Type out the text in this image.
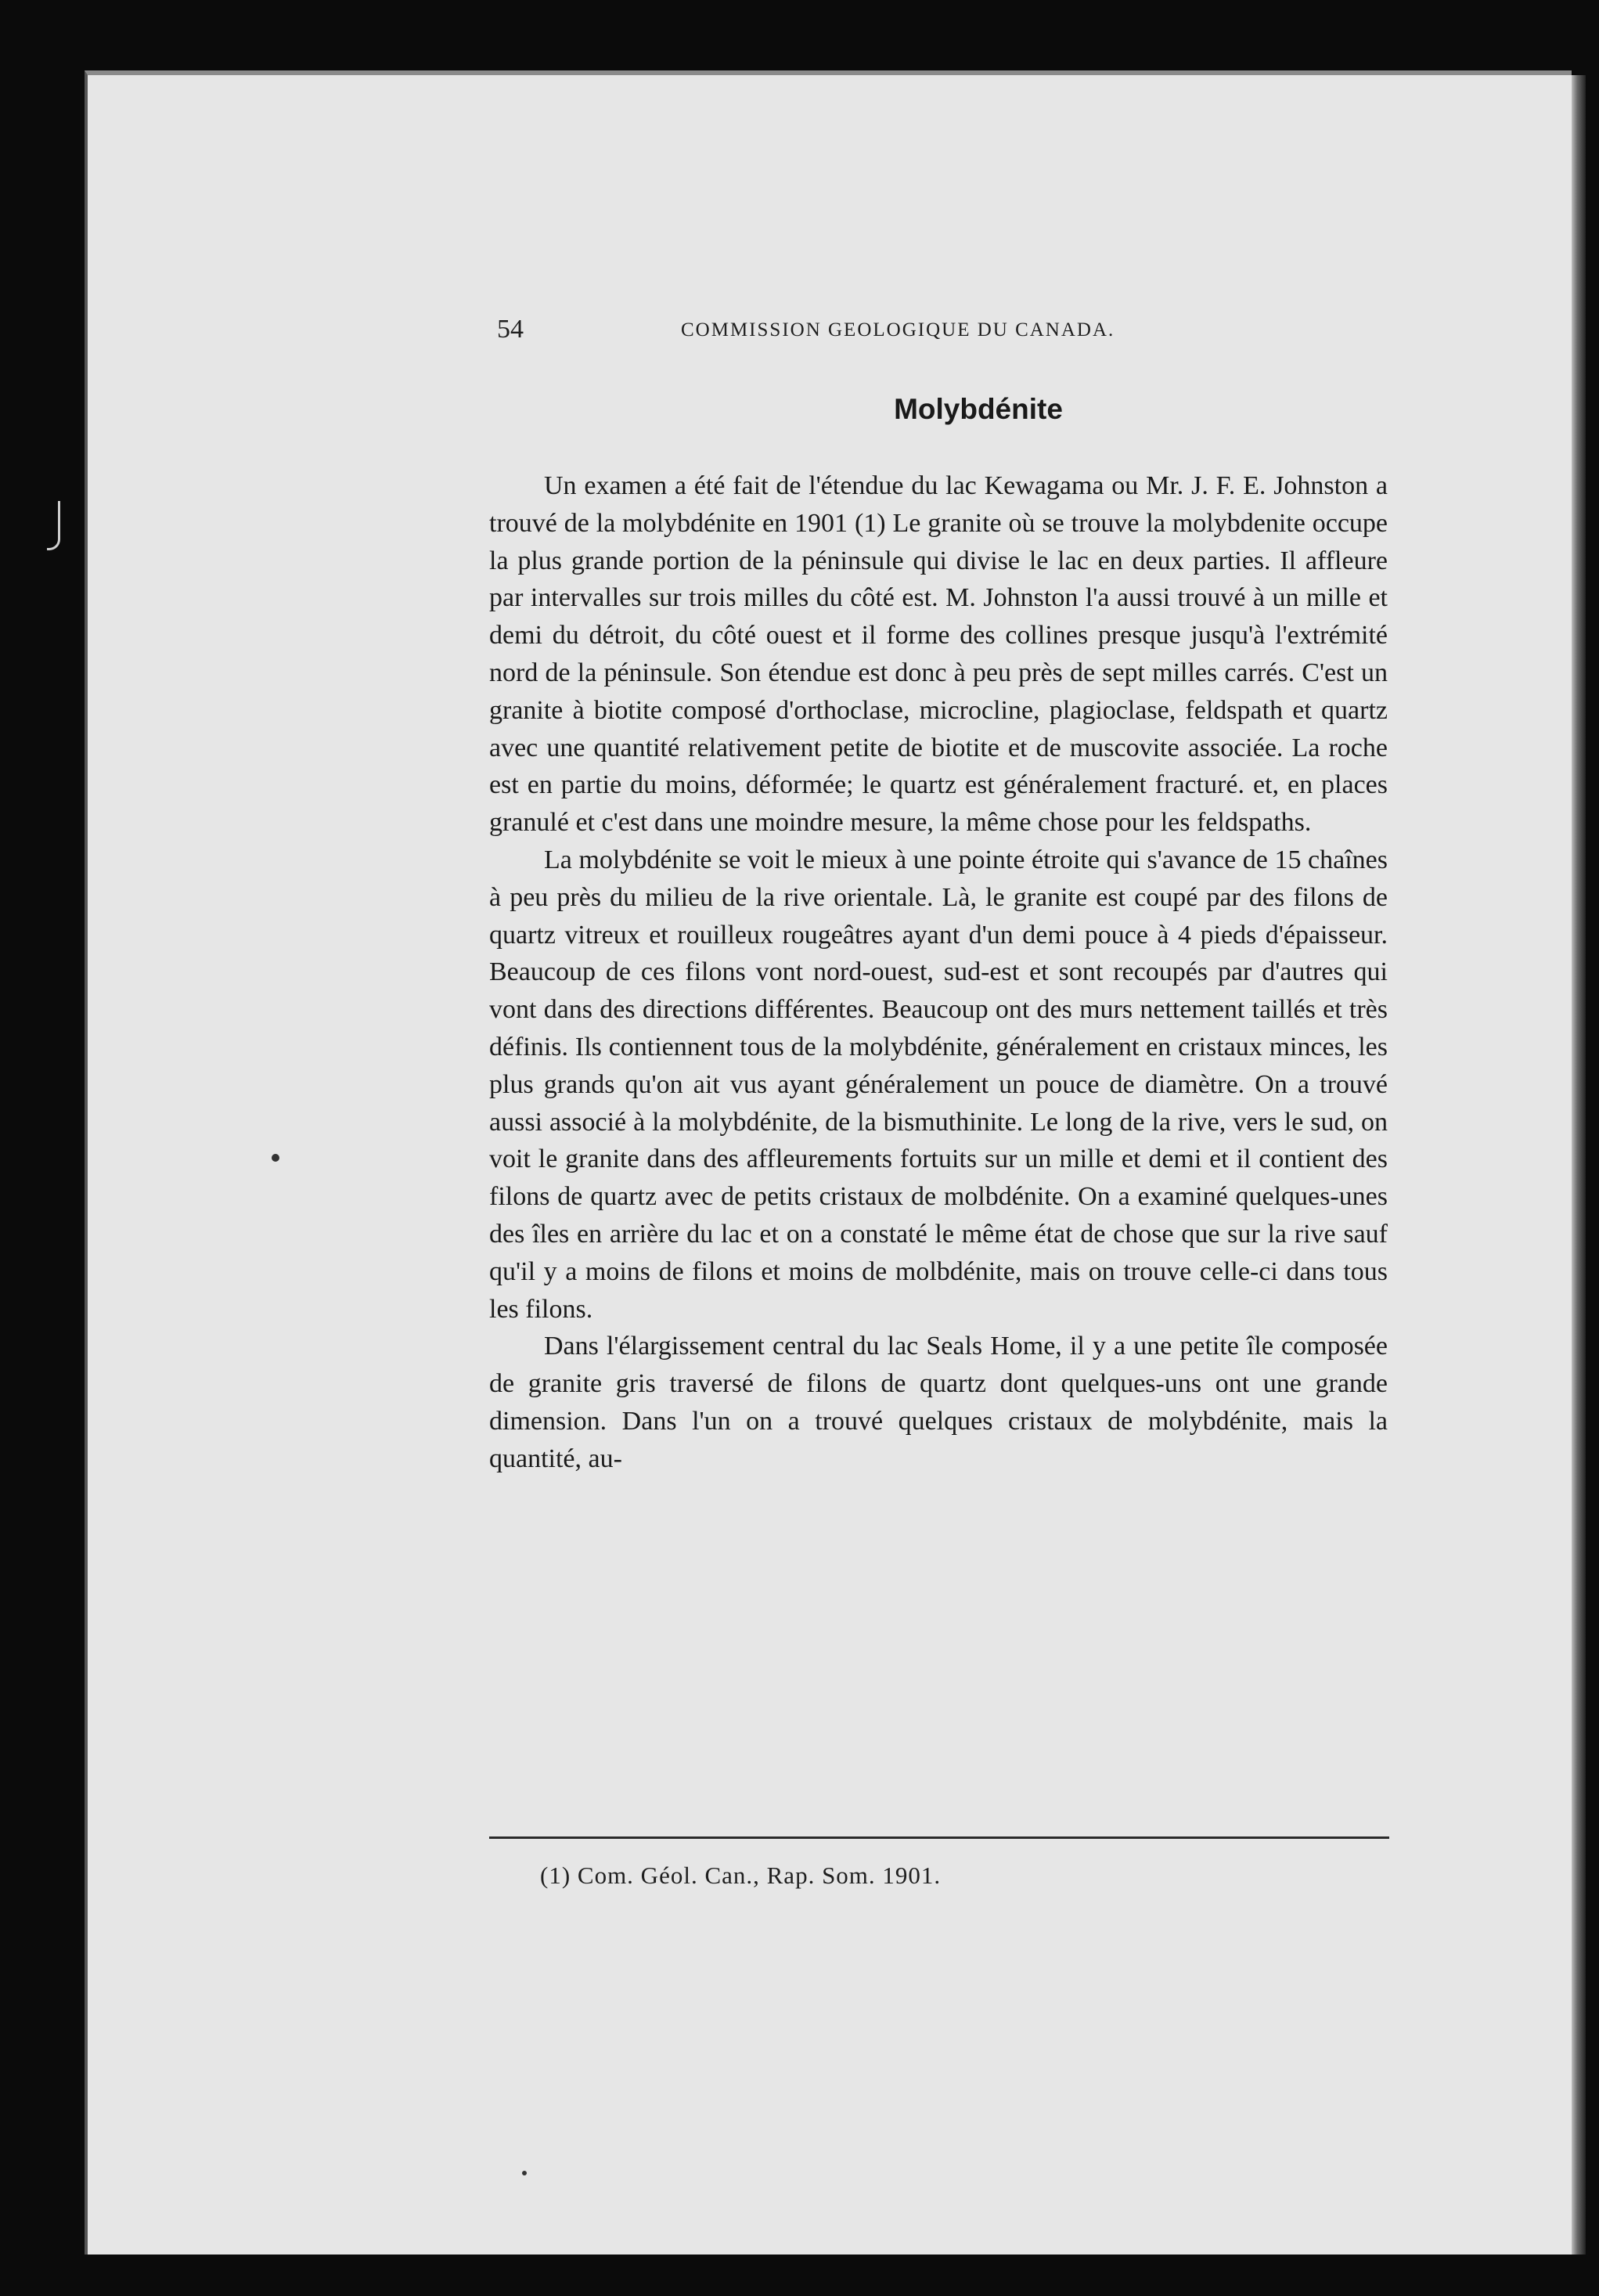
54	COMMISSION GEOLOGIQUE DU CANADA.
Molybdénite

Un examen a été fait de l'étendue du lac Kewagama ou Mr. J. F. E. Johnston a trouvé de la molybdénite en 1901 (1) Le granite où se trouve la molybdenite occupe la plus grande portion de la péninsule qui divise le lac en deux parties. Il affleure par intervalles sur trois milles du côté est. M. Johnston l'a aussi trouvé à un mille et demi du détroit, du côté ouest et il forme des collines presque jusqu'à l'extrémité nord de la péninsule. Son étendue est donc à peu près de sept milles carrés. C'est un granite à biotite composé d'orthoclase, microcline, plagioclase, feldspath et quartz avec une quantité relativement petite de biotite et de muscovite associée. La roche est en partie du moins, déformée; le quartz est généralement fracturé. et, en places granulé et c'est dans une moindre mesure, la même chose pour les feldspaths.

La molybdénite se voit le mieux à une pointe étroite qui s'avance de 15 chaînes à peu près du milieu de la rive orientale. Là, le granite est coupé par des filons de quartz vitreux et rouilleux rougeâtres ayant d'un demi pouce à 4 pieds d'épaisseur. Beaucoup de ces filons vont nord-ouest, sud-est et sont recoupés par d'autres qui vont dans des directions différentes. Beaucoup ont des murs nettement taillés et très définis. Ils contiennent tous de la molybdénite, généralement en cristaux minces, les plus grands qu'on ait vus ayant généralement un pouce de diamètre. On a trouvé aussi associé à la molybdénite, de la bismuthinite. Le long de la rive, vers le sud, on voit le granite dans des affleurements fortuits sur un mille et demi et il contient des filons de quartz avec de petits cristaux de molbdénite. On a examiné quelques-unes des îles en arrière du lac et on a constaté le même état de chose que sur la rive sauf qu'il y a moins de filons et moins de molbdénite, mais on trouve celle-ci dans tous les filons.

Dans l'élargissement central du lac Seals Home, il y a une petite île composée de granite gris traversé de filons de quartz dont quelques-uns ont une grande dimension. Dans l'un on a trouvé quelques cristaux de molybdénite, mais la quantité, au-

(1) Com. Géol. Can., Rap. Som. 1901.
